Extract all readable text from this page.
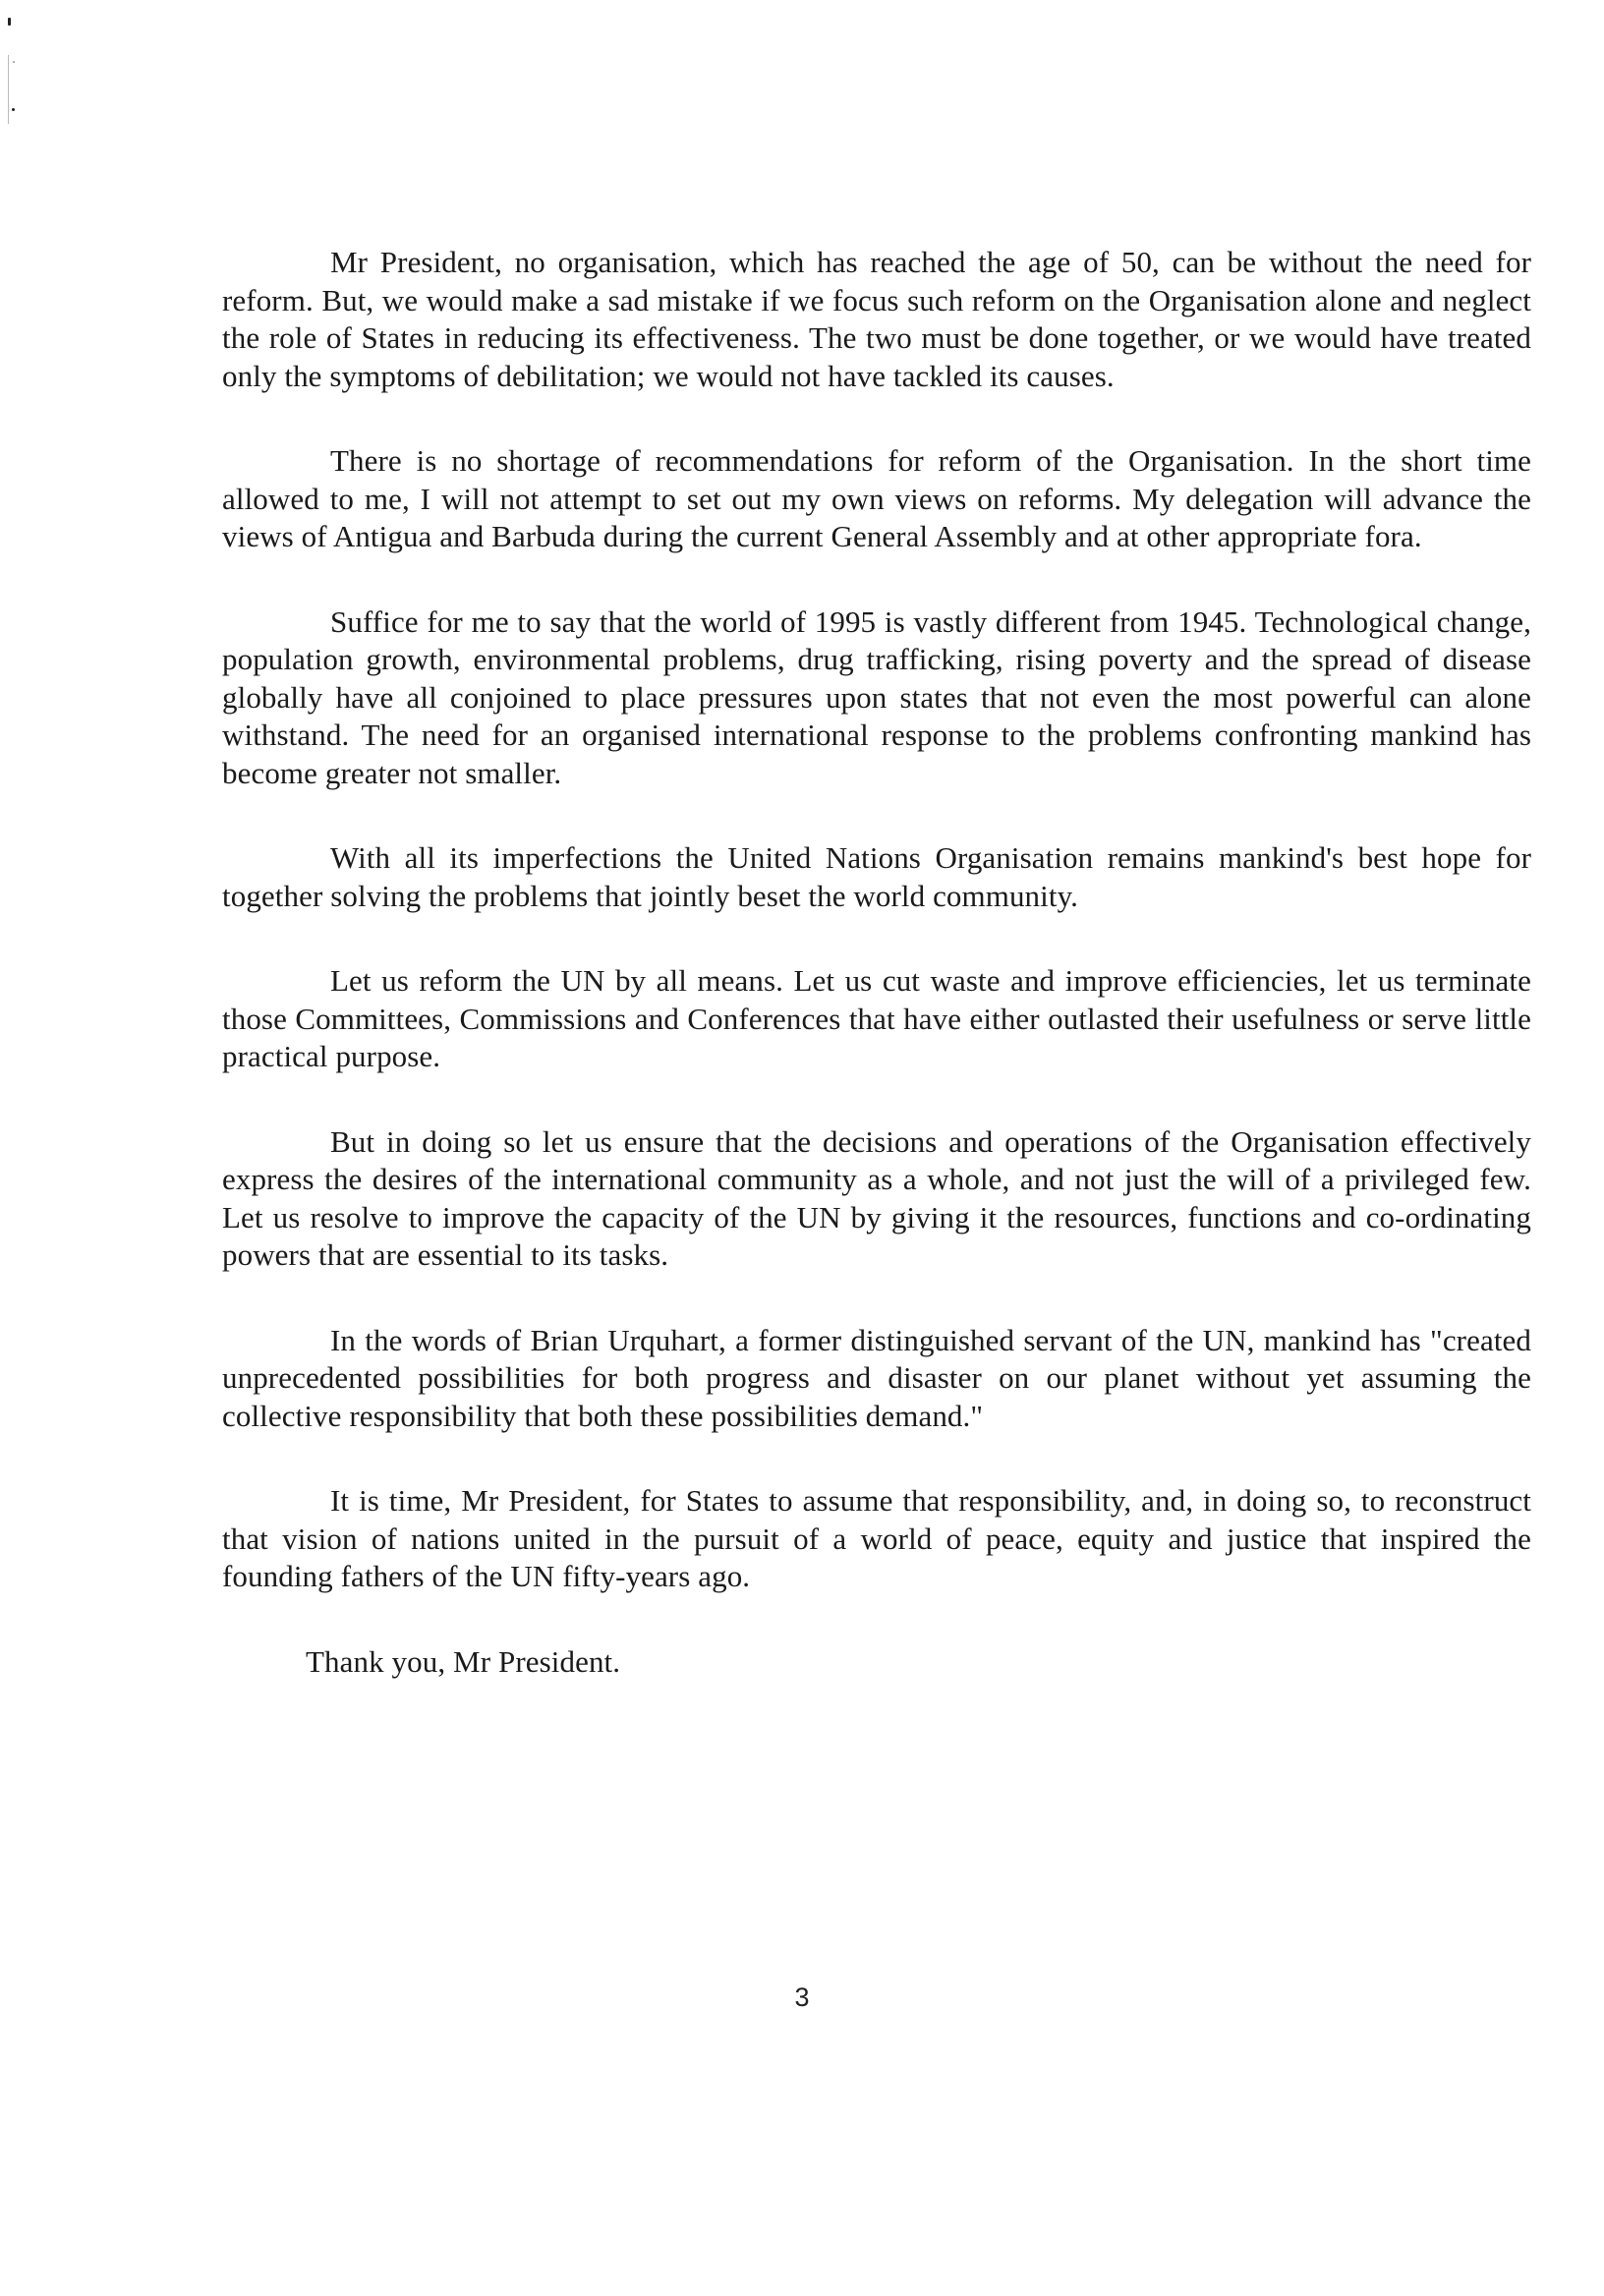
Mr President, no organisation, which has reached the age of 50, can be without the need for reform. But, we would make a sad mistake if we focus such reform on the Organisation alone and neglect the role of States in reducing its effectiveness. The two must be done together, or we would have treated only the symptoms of debilitation; we would not have tackled its causes.

There is no shortage of recommendations for reform of the Organisation. In the short time allowed to me, I will not attempt to set out my own views on reforms. My delegation will advance the views of Antigua and Barbuda during the current General Assembly and at other appropriate fora.

Suffice for me to say that the world of 1995 is vastly different from 1945. Technological change, population growth, environmental problems, drug trafficking, rising poverty and the spread of disease globally have all conjoined to place pressures upon states that not even the most powerful can alone withstand. The need for an organised international response to the problems confronting mankind has become greater not smaller.

With all its imperfections the United Nations Organisation remains mankind's best hope for together solving the problems that jointly beset the world community.

Let us reform the UN by all means. Let us cut waste and improve efficiencies, let us terminate those Committees, Commissions and Conferences that have either outlasted their usefulness or serve little practical purpose.

But in doing so let us ensure that the decisions and operations of the Organisation effectively express the desires of the international community as a whole, and not just the will of a privileged few. Let us resolve to improve the capacity of the UN by giving it the resources, functions and co-ordinating powers that are essential to its tasks.

In the words of Brian Urquhart, a former distinguished servant of the UN, mankind has "created unprecedented possibilities for both progress and disaster on our planet without yet assuming the collective responsibility that both these possibilities demand."

It is time, Mr President, for States to assume that responsibility, and, in doing so, to reconstruct that vision of nations united in the pursuit of a world of peace, equity and justice that inspired the founding fathers of the UN fifty-years ago.

Thank you, Mr President.

3
